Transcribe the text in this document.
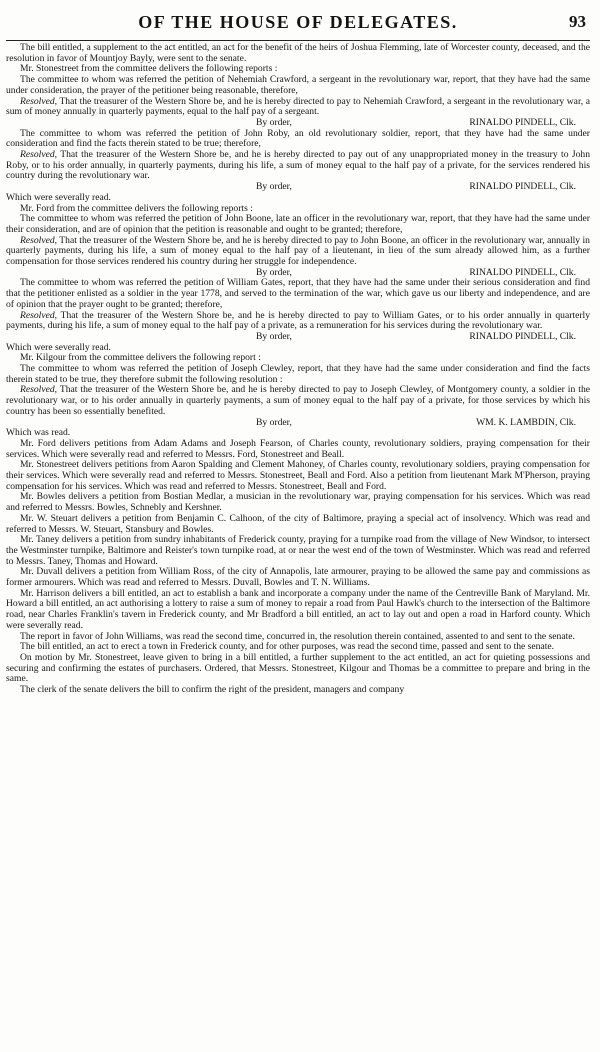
OF THE HOUSE OF DELEGATES.	93

The bill entitled, a supplement to the act entitled, an act for the benefit of the heirs of Joshua Flemming, late of Worcester county, deceased, and the resolution in favor of Mountjoy Bayly, were sent to the senate.

Mr. Stonestreet from the committee delivers the following reports :

The committee to whom was referred the petition of Nehemiah Crawford, a sergeant in the revolutionary war, report, that they have had the same under consideration, the prayer of the petitioner being reasonable, therefore,

Resolved, That the treasurer of the Western Shore be, and he is hereby directed to pay to Nehemiah Crawford, a sergeant in the revolutionary war, a sum of money annually in quarterly payments, equal to the half pay of a sergeant.

By order,	RINALDO PINDELL, Clk.

The committee to whom was referred the petition of John Roby, an old revolutionary soldier, report, that they have had the same under consideration and find the facts therein stated to be true; therefore,

Resolved, That the treasurer of the Western Shore be, and he is hereby directed to pay out of any unappropriated money in the treasury to John Roby, or to his order annually, in quarterly payments, during his life, a sum of money equal to the half pay of a private, for the services rendered his country during the revolutionary war.

By order,	RINALDO PINDELL, Clk.

Which were severally read.

Mr. Ford from the committee delivers the following reports :

The committee to whom was referred the petition of John Boone, late an officer in the revolutionary war, report, that they have had the same under their consideration, and are of opinion that the petition is reasonable and ought to be granted; therefore,

Resolved, That the treasurer of the Western Shore be, and he is hereby directed to pay to John Boone, an officer in the revolutionary war, annually in quarterly payments, during his life, a sum of money equal to the half pay of a lieutenant, in lieu of the sum already allowed him, as a further compensation for those services rendered his country during her struggle for independence.

By order,	RINALDO PINDELL, Clk.

The committee to whom was referred the petition of William Gates, report, that they have had the same under their serious consideration and find that the petitioner enlisted as a soldier in the year 1778, and served to the termination of the war, which gave us our liberty and independence, and are of opinion that the prayer ought to be granted; therefore,

Resolved, That the treasurer of the Western Shore be, and he is hereby directed to pay to William Gates, or to his order annually in quarterly payments, during his life, a sum of money equal to the half pay of a private, as a remuneration for his services during the revolutionary war.

By order,	RINALDO PINDELL, Clk.

Which were severally read.

Mr. Kilgour from the committee delivers the following report :

The committee to whom was referred the petition of Joseph Clewley, report, that they have had the same under consideration and find the facts therein stated to be true, they therefore submit the following resolution :

Resolved, That the treasurer of the Western Shore be, and he is hereby directed to pay to Joseph Clewley, of Montgomery county, a soldier in the revolutionary war, or to his order annually in quarterly payments, a sum of money equal to the half pay of a private, for those services by which his country has been so essentially benefited.

By order,	WM. K. LAMBDIN, Clk.

Which was read.

Mr. Ford delivers petitions from Adam Adams and Joseph Fearson, of Charles county, revolutionary soldiers, praying compensation for their services. Which were severally read and referred to Messrs. Ford, Stonestreet and Beall.

Mr. Stonestreet delivers petitions from Aaron Spalding and Clement Mahoney, of Charles county, revolutionary soldiers, praying compensation for their services. Which were severally read and referred to Messrs. Stonestreet, Beall and Ford. Also a petition from lieutenant Mark M'Pherson, praying compensation for his services. Which was read and referred to Messrs. Stonestreet, Beall and Ford.

Mr. Bowles delivers a petition from Bostian Medlar, a musician in the revolutionary war, praying compensation for his services. Which was read and referred to Messrs. Bowles, Schnebly and Kershner.

Mr. W. Steuart delivers a petition from Benjamin C. Calhoon, of the city of Baltimore, praying a special act of insolvency. Which was read and referred to Messrs. W. Steuart, Stansbury and Bowles.

Mr. Taney delivers a petition from sundry inhabitants of Frederick county, praying for a turnpike road from the village of New Windsor, to intersect the Westminster turnpike, Baltimore and Reister's town turnpike road, at or near the west end of the town of Westminster. Which was read and referred to Messrs. Taney, Thomas and Howard.

Mr. Duvall delivers a petition from William Ross, of the city of Annapolis, late armourer, praying to be allowed the same pay and commissions as former armourers. Which was read and referred to Messrs. Duvall, Bowles and T. N. Williams.

Mr. Harrison delivers a bill entitled, an act to establish a bank and incorporate a company under the name of the Centreville Bank of Maryland. Mr. Howard a bill entitled, an act authorising a lottery to raise a sum of money to repair a road from Paul Hawk's church to the intersection of the Baltimore road, near Charles Franklin's tavern in Frederick county, and Mr Bradford a bill entitled, an act to lay out and open a road in Harford county. Which were severally read.

The report in favor of John Williams, was read the second time, concurred in, the resolution therein contained, assented to and sent to the senate.

The bill entitled, an act to erect a town in Frederick county, and for other purposes, was read the second time, passed and sent to the senate.

On motion by Mr. Stonestreet, leave given to bring in a bill entitled, a further supplement to the act entitled, an act for quieting possessions and securing and confirming the estates of purchasers. Ordered, that Messrs. Stonestreet, Kilgour and Thomas be a committee to prepare and bring in the same.

The clerk of the senate delivers the bill to confirm the right of the president, managers and company
